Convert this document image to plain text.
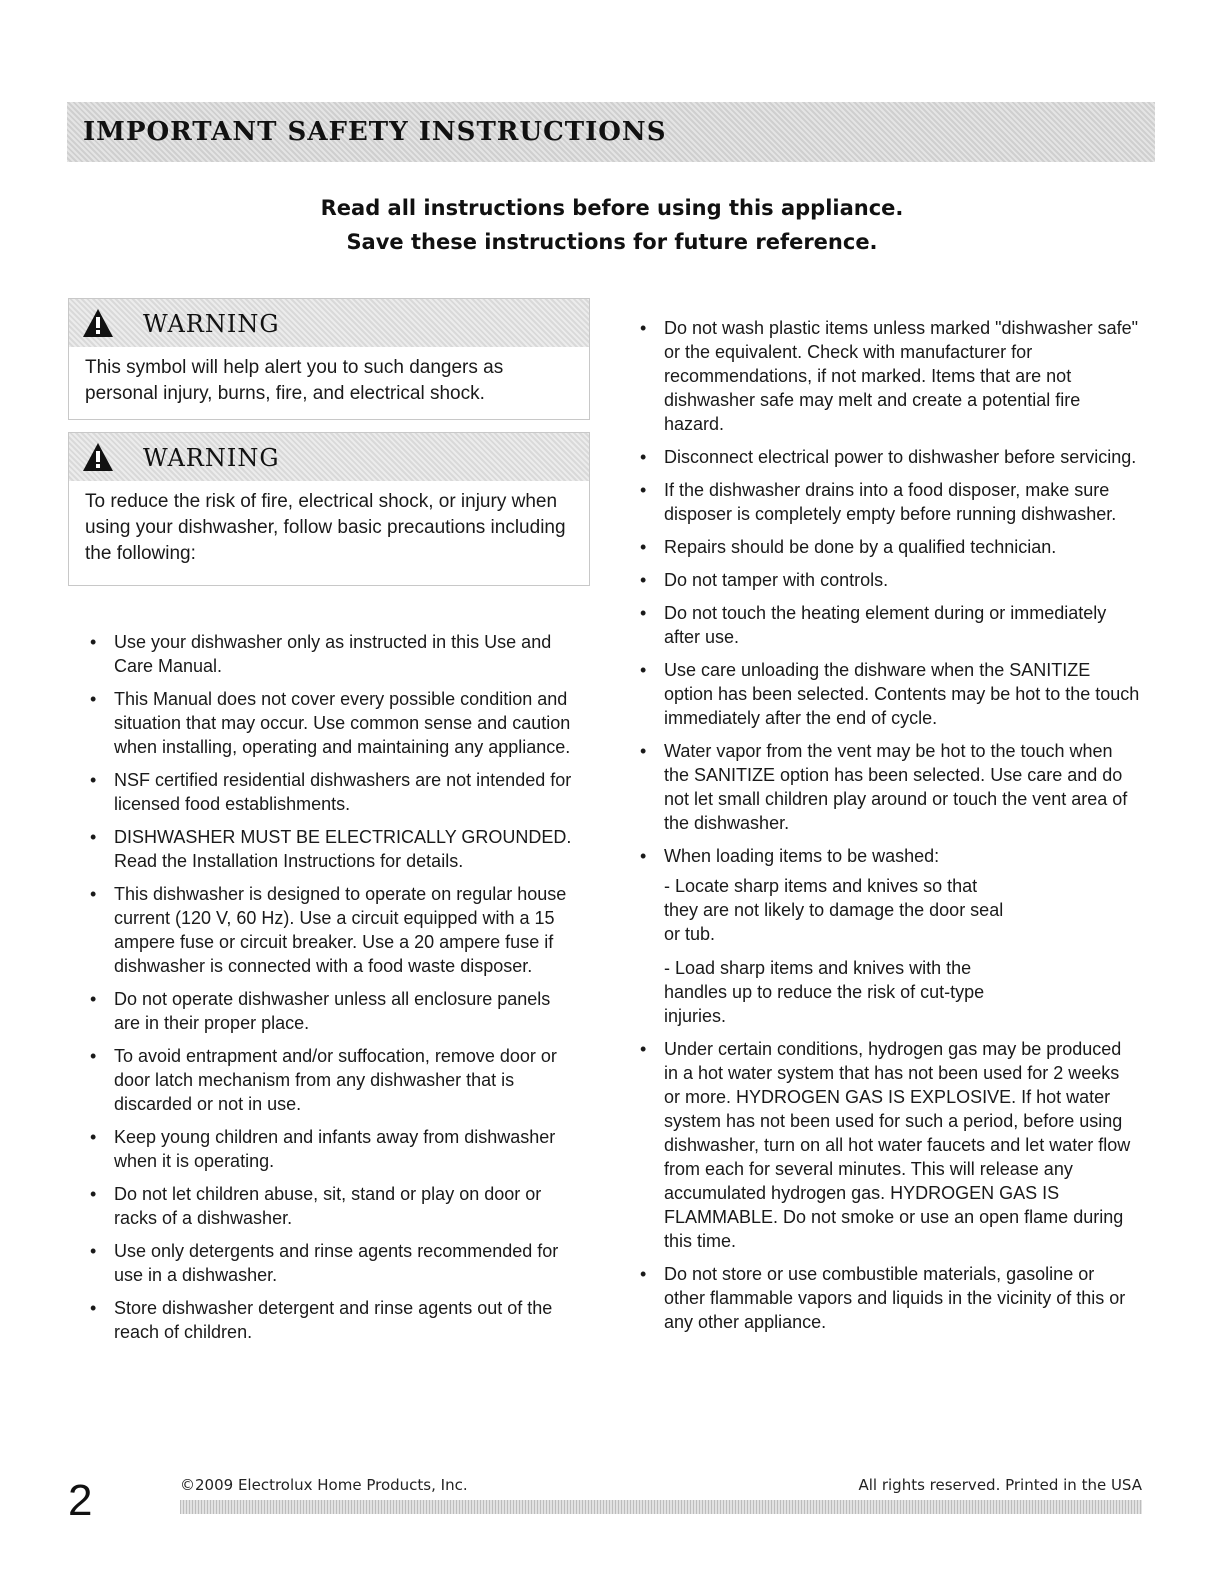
IMPORTANT SAFETY INSTRUCTIONS
Read all instructions before using this appliance.
Save these instructions for future reference.
WARNING
This symbol will help alert you to such dangers as personal injury, burns, fire, and electrical shock.
WARNING
To reduce the risk of fire, electrical shock, or injury when using your dishwasher, follow basic precautions including the following:
• Use your dishwasher only as instructed in this Use and Care Manual.
• This Manual does not cover every possible condition and situation that may occur. Use common sense and caution when installing, operating and maintaining any appliance.
• NSF certified residential dishwashers are not intended for licensed food establishments.
• DISHWASHER MUST BE ELECTRICALLY GROUNDED. Read the Installation Instructions for details.
• This dishwasher is designed to operate on regular house current (120 V, 60 Hz). Use a circuit equipped with a 15 ampere fuse or circuit breaker. Use a 20 ampere fuse if dishwasher is connected with a food waste disposer.
• Do not operate dishwasher unless all enclosure panels are in their proper place.
• To avoid entrapment and/or suffocation, remove door or door latch mechanism from any dishwasher that is discarded or not in use.
• Keep young children and infants away from dishwasher when it is operating.
• Do not let children abuse, sit, stand or play on door or racks of a dishwasher.
• Use only detergents and rinse agents recommended for use in a dishwasher.
• Store dishwasher detergent and rinse agents out of the reach of children.
• Do not wash plastic items unless marked "dishwasher safe" or the equivalent. Check with manufacturer for recommendations, if not marked. Items that are not dishwasher safe may melt and create a potential fire hazard.
• Disconnect electrical power to dishwasher before servicing.
• If the dishwasher drains into a food disposer, make sure disposer is completely empty before running dishwasher.
• Repairs should be done by a qualified technician.
• Do not tamper with controls.
• Do not touch the heating element during or immediately after use.
• Use care unloading the dishware when the SANITIZE option has been selected. Contents may be hot to the touch immediately after the end of cycle.
• Water vapor from the vent may be hot to the touch when the SANITIZE option has been selected. Use care and do not let small children play around or touch the vent area of the dishwasher.
• When loading items to be washed:
- Locate sharp items and knives so that they are not likely to damage the door seal or tub.
- Load sharp items and knives with the handles up to reduce the risk of cut-type injuries.
• Under certain conditions, hydrogen gas may be produced in a hot water system that has not been used for 2 weeks or more. HYDROGEN GAS IS EXPLOSIVE. If hot water system has not been used for such a period, before using dishwasher, turn on all hot water faucets and let water flow from each for several minutes. This will release any accumulated hydrogen gas. HYDROGEN GAS IS FLAMMABLE. Do not smoke or use an open flame during this time.
• Do not store or use combustible materials, gasoline or other flammable vapors and liquids in the vicinity of this or any other appliance.
2	©2009 Electrolux Home Products, Inc.	All rights reserved. Printed in the USA
